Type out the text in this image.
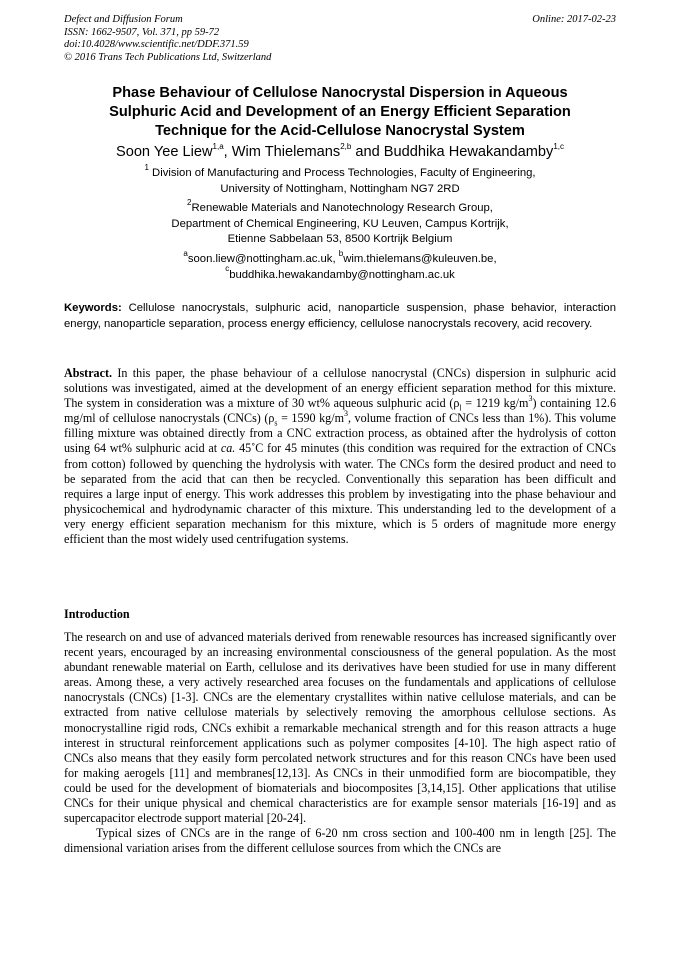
Defect and Diffusion Forum
ISSN: 1662-9507, Vol. 371, pp 59-72
doi:10.4028/www.scientific.net/DDF.371.59
© 2016 Trans Tech Publications Ltd, Switzerland
Online: 2017-02-23
Phase Behaviour of Cellulose Nanocrystal Dispersion in Aqueous
Sulphuric Acid and Development of an Energy Efficient Separation
Technique for the Acid-Cellulose Nanocrystal System
Soon Yee Liew$^{1,a}$, Wim Thielemans$^{2,b}$ and Buddhika Hewakandamby$^{1,c}$
$^1$ Division of Manufacturing and Process Technologies, Faculty of Engineering,
University of Nottingham, Nottingham NG7 2RD
$^2$Renewable Materials and Nanotechnology Research Group,
Department of Chemical Engineering, KU Leuven, Campus Kortrijk,
Etienne Sabbelaan 53, 8500 Kortrijk Belgium
$^a$soon.liew@nottingham.ac.uk, $^b$wim.thielemans@kuleuven.be,
$^c$buddhika.hewakandamby@nottingham.ac.uk
Keywords: Cellulose nanocrystals, sulphuric acid, nanoparticle suspension, phase behavior, interaction energy, nanoparticle separation, process energy efficiency, cellulose nanocrystals recovery, acid recovery.
Abstract. In this paper, the phase behaviour of a cellulose nanocrystal (CNCs) dispersion in sulphuric acid solutions was investigated, aimed at the development of an energy efficient separation method for this mixture. The system in consideration was a mixture of 30 wt% aqueous sulphuric acid ($\rho_l = 1219$ $kg/m^3$) containing 12.6 mg/ml of cellulose nanocrystals (CNCs) ($\rho_s = 1590$ $kg/m^3$, volume fraction of CNCs less than 1%). This volume filling mixture was obtained directly from a CNC extraction process, as obtained after the hydrolysis of cotton using 64 wt% sulphuric acid at ca. 45˚C for 45 minutes (this condition was required for the extraction of CNCs from cotton) followed by quenching the hydrolysis with water. The CNCs form the desired product and need to be separated from the acid that can then be recycled. Conventionally this separation has been difficult and requires a large input of energy. This work addresses this problem by investigating into the phase behaviour and physicochemical and hydrodynamic character of this mixture. This understanding led to the development of a very energy efficient separation mechanism for this mixture, which is 5 orders of magnitude more energy efficient than the most widely used centrifugation systems.
Introduction

The research on and use of advanced materials derived from renewable resources has increased significantly over recent years, encouraged by an increasing environmental consciousness of the general population. As the most abundant renewable material on Earth, cellulose and its derivatives have been studied for use in many different areas. Among these, a very actively researched area focuses on the fundamentals and applications of cellulose nanocrystals (CNCs) [1-3]. CNCs are the elementary crystallites within native cellulose materials, and can be extracted from native cellulose materials by selectively removing the amorphous cellulose sections. As monocrystalline rigid rods, CNCs exhibit a remarkable mechanical strength and for this reason attracts a huge interest in structural reinforcement applications such as polymer composites [4-10]. The high aspect ratio of CNCs also means that they easily form percolated network structures and for this reason CNCs have been used for making aerogels [11] and membranes[12,13]. As CNCs in their unmodified form are biocompatible, they could be used for the development of biomaterials and biocomposites [3,14,15]. Other applications that utilise CNCs for their unique physical and chemical characteristics are for example sensor materials [16-19] and as supercapacitor electrode support material [20-24].

Typical sizes of CNCs are in the range of 6-20 nm cross section and 100-400 nm in length [25]. The dimensional variation arises from the different cellulose sources from which the CNCs are
